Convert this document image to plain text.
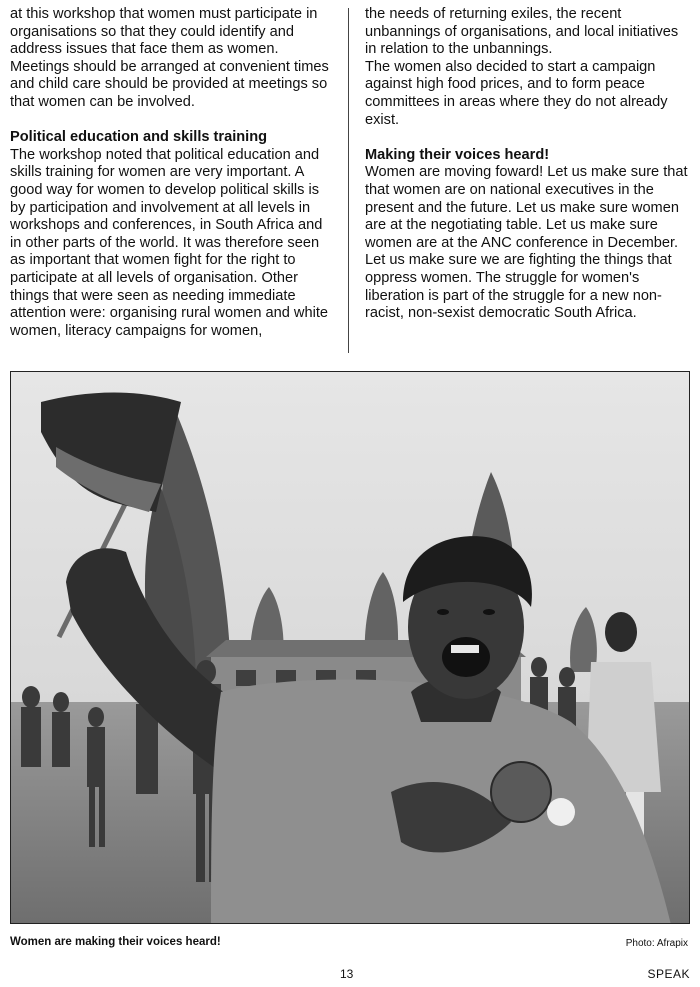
at this workshop that women must participate in organisations so that they could identify and address issues that face them as women. Meetings should be arranged at convenient times and child care should be provided at meetings so that women can be involved.

Political education and skills training

The workshop noted that political education and skills training for women are very important. A good way for women to develop political skills is by participation and involvement at all levels in workshops and conferences, in South Africa and in other parts of the world. It was therefore seen as important that women fight for the right to participate at all levels of organisation. Other things that were seen as needing immediate attention were: organising rural women and white women, literacy campaigns for women,

the needs of returning exiles, the recent unbannings of organisations, and local initiatives in relation to the unbannings.

The women also decided to start a campaign against high food prices, and to form peace committees in areas where they do not already exist.

Making their voices heard!

Women are moving foward! Let us make sure that that women are on national executives in the present and the future. Let us make sure women are at the negotiating table. Let us make sure women are at the ANC conference in December. Let us make sure we are fighting the things that oppress women. The struggle for women's liberation is part of the struggle for a new non-racist, non-sexist democratic South Africa.

Women are making their voices heard!	Photo: Afrapix
13	SPEAK
